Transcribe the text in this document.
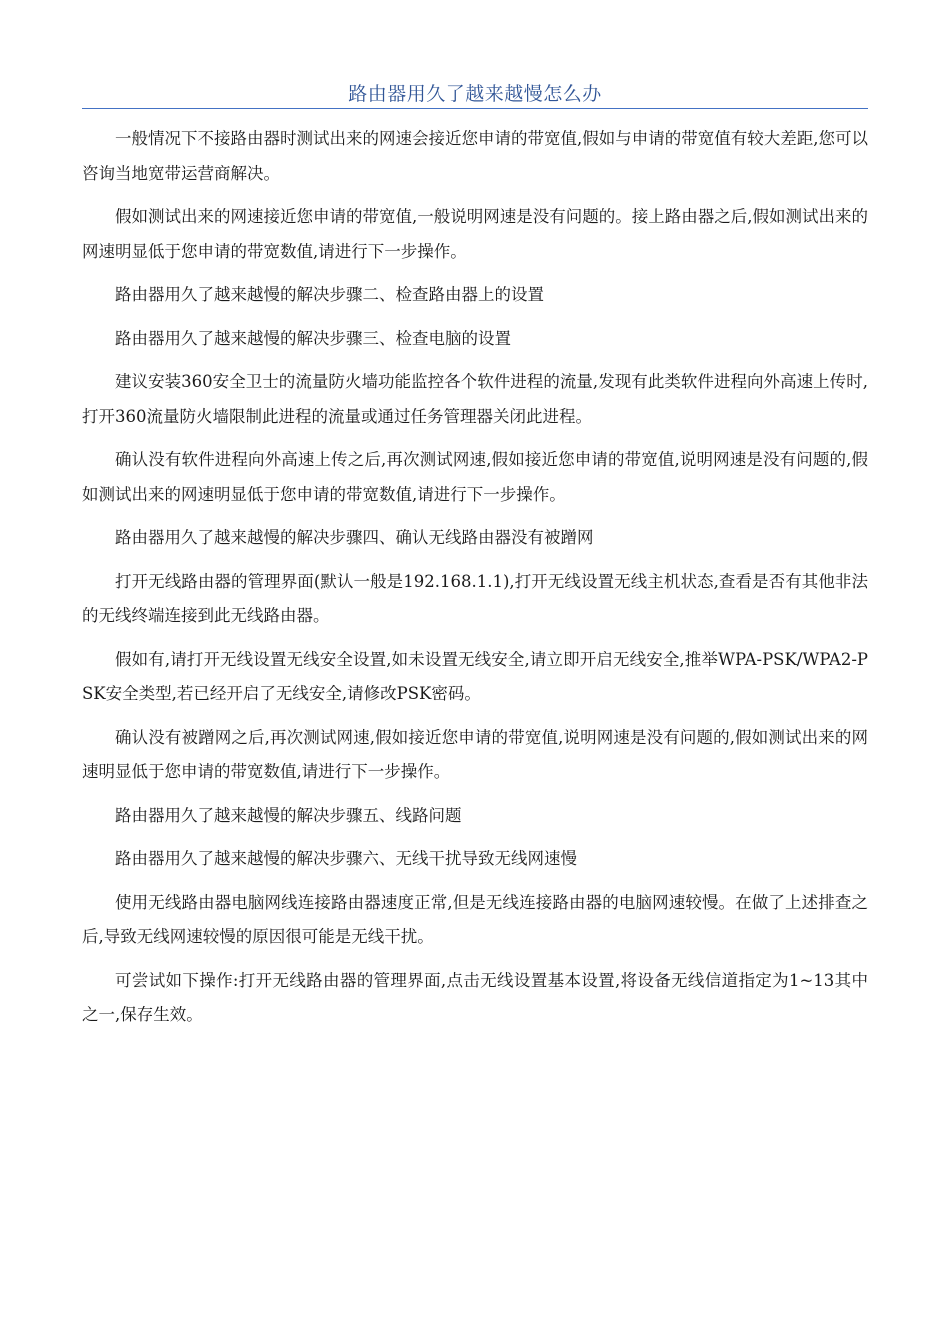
路由器用久了越来越慢怎么办

一般情况下不接路由器时测试出来的网速会接近您申请的带宽值,假如与申请的带宽值有较大差距,您可以咨询当地宽带运营商解决。

假如测试出来的网速接近您申请的带宽值,一般说明网速是没有问题的。接上路由器之后,假如测试出来的网速明显低于您申请的带宽数值,请进行下一步操作。

路由器用久了越来越慢的解决步骤二、检查路由器上的设置

路由器用久了越来越慢的解决步骤三、检查电脑的设置

建议安装360安全卫士的流量防火墙功能监控各个软件进程的流量,发现有此类软件进程向外高速上传时,打开360流量防火墙限制此进程的流量或通过任务管理器关闭此进程。

确认没有软件进程向外高速上传之后,再次测试网速,假如接近您申请的带宽值,说明网速是没有问题的,假如测试出来的网速明显低于您申请的带宽数值,请进行下一步操作。

路由器用久了越来越慢的解决步骤四、确认无线路由器没有被蹭网

打开无线路由器的管理界面(默认一般是192.168.1.1),打开无线设置无线主机状态,查看是否有其他非法的无线终端连接到此无线路由器。

假如有,请打开无线设置无线安全设置,如未设置无线安全,请立即开启无线安全,推举WPA-PSK/WPA2-PSK安全类型,若已经开启了无线安全,请修改PSK密码。

确认没有被蹭网之后,再次测试网速,假如接近您申请的带宽值,说明网速是没有问题的,假如测试出来的网速明显低于您申请的带宽数值,请进行下一步操作。

路由器用久了越来越慢的解决步骤五、线路问题

路由器用久了越来越慢的解决步骤六、无线干扰导致无线网速慢

使用无线路由器电脑网线连接路由器速度正常,但是无线连接路由器的电脑网速较慢。在做了上述排查之后,导致无线网速较慢的原因很可能是无线干扰。

可尝试如下操作:打开无线路由器的管理界面,点击无线设置基本设置,将设备无线信道指定为1~13其中之一,保存生效。
